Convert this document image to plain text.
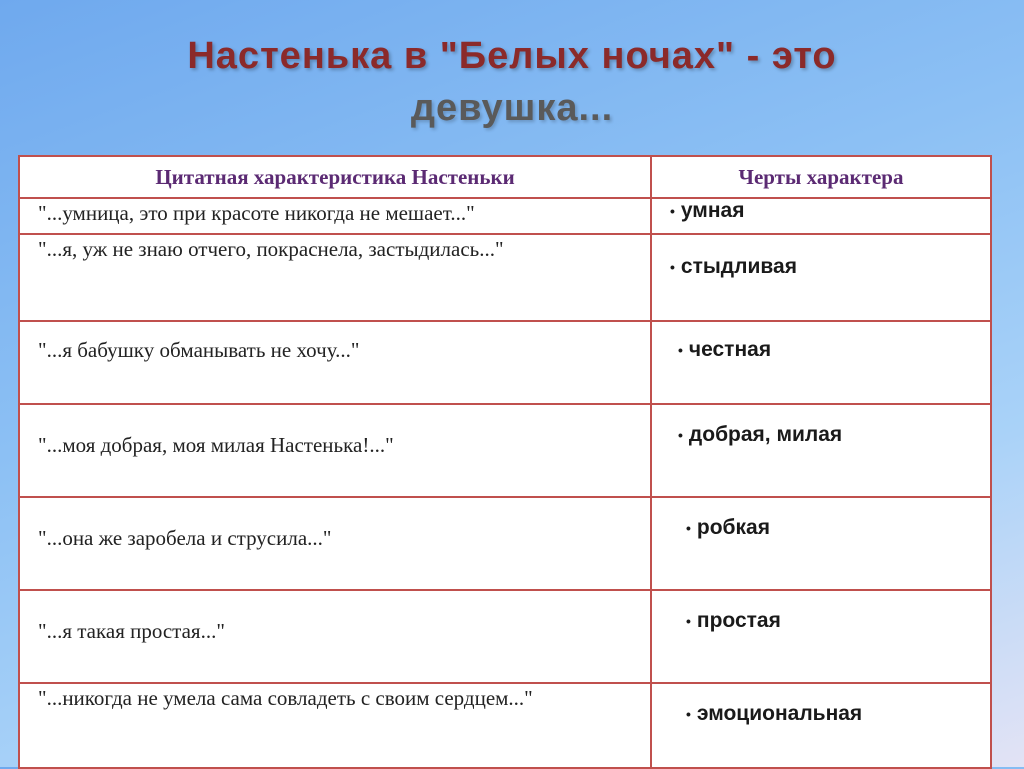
Настенька в "Белых ночах" - это
девушка...
Цитатная характеристика Настеньки	Черты характера
"...умница, это при красоте никогда не мешает..."	• умная
"...я, уж не знаю отчего, покраснела, застыдилась..."	• стыдливая
"...я бабушку обманывать не хочу..."	• честная
"...моя добрая, моя милая Настенька!..."	• добрая, милая
"...она же заробела и струсила..."	• робкая
"...я такая простая..."	• простая
"...никогда не умела сама совладеть с своим сердцем..."	• эмоциональная
